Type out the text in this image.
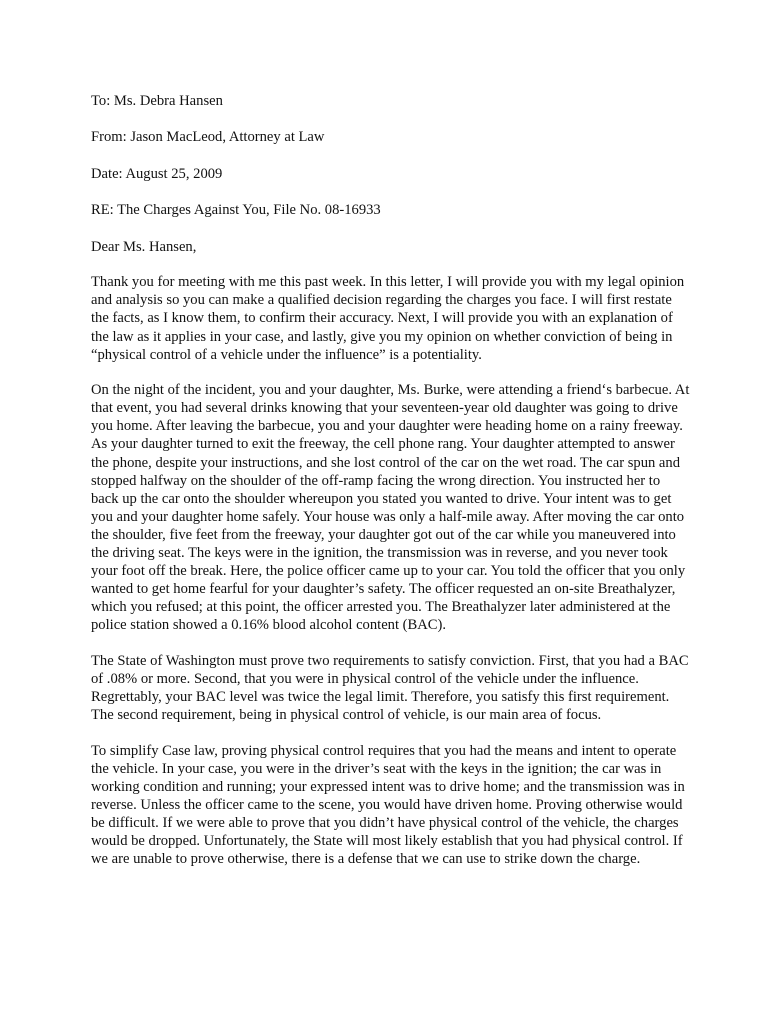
To: Ms. Debra Hansen

From: Jason MacLeod, Attorney at Law

Date: August 25, 2009

RE: The Charges Against You, File No. 08-16933

Dear Ms. Hansen,

Thank you for meeting with me this past week. In this letter, I will provide you with my legal opinion and analysis so you can make a qualified decision regarding the charges you face. I will first restate the facts, as I know them, to confirm their accuracy. Next, I will provide you with an explanation of the law as it applies in your case, and lastly, give you my opinion on whether conviction of being in “physical control of a vehicle under the influence” is a potentiality.

On the night of the incident, you and your daughter, Ms. Burke, were attending a friend‘s barbecue. At that event, you had several drinks knowing that your seventeen-year old daughter was going to drive you home. After leaving the barbecue, you and your daughter were heading home on a rainy freeway. As your daughter turned to exit the freeway, the cell phone rang. Your daughter attempted to answer the phone, despite your instructions, and she lost control of the car on the wet road. The car spun and stopped halfway on the shoulder of the off-ramp facing the wrong direction. You instructed her to back up the car onto the shoulder whereupon you stated you wanted to drive. Your intent was to get you and your daughter home safely. Your house was only a half-mile away. After moving the car onto the shoulder, five feet from the freeway, your daughter got out of the car while you maneuvered into the driving seat. The keys were in the ignition, the transmission was in reverse, and you never took your foot off the break. Here, the police officer came up to your car. You told the officer that you only wanted to get home fearful for your daughter’s safety. The officer requested an on-site Breathalyzer, which you refused; at this point, the officer arrested you. The Breathalyzer later administered at the police station showed a 0.16% blood alcohol content (BAC).

The State of Washington must prove two requirements to satisfy conviction. First, that you had a BAC of .08% or more. Second, that you were in physical control of the vehicle under the influence. Regrettably, your BAC level was twice the legal limit. Therefore, you satisfy this first requirement. The second requirement, being in physical control of vehicle, is our main area of focus.

To simplify Case law, proving physical control requires that you had the means and intent to operate the vehicle. In your case, you were in the driver’s seat with the keys in the ignition; the car was in working condition and running; your expressed intent was to drive home; and the transmission was in reverse. Unless the officer came to the scene, you would have driven home. Proving otherwise would be difficult. If we were able to prove that you didn’t have physical control of the vehicle, the charges would be dropped. Unfortunately, the State will most likely establish that you had physical control. If we are unable to prove otherwise, there is a defense that we can use to strike down the charge.
